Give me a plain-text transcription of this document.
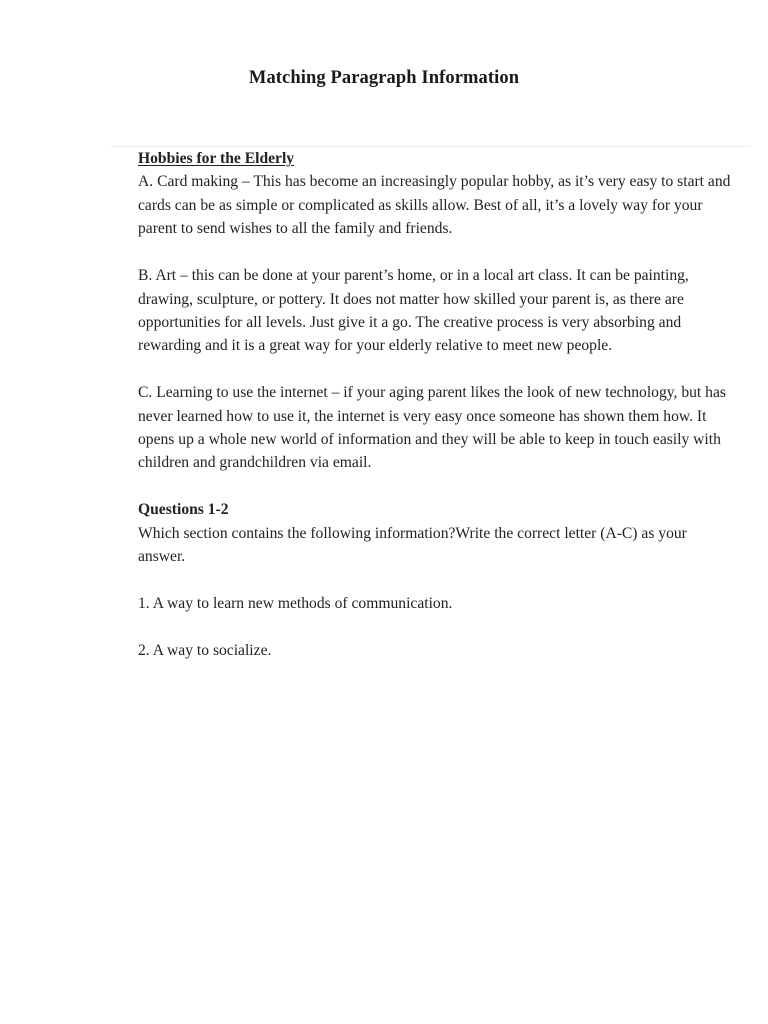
Matching Paragraph Information

Hobbies for the Elderly

A. Card making – This has become an increasingly popular hobby, as it’s very easy to start and cards can be as simple or complicated as skills allow. Best of all, it’s a lovely way for your parent to send wishes to all the family and friends.

B. Art – this can be done at your parent’s home, or in a local art class. It can be painting, drawing, sculpture, or pottery. It does not matter how skilled your parent is, as there are opportunities for all levels. Just give it a go. The creative process is very absorbing and rewarding and it is a great way for your elderly relative to meet new people.

C. Learning to use the internet – if your aging parent likes the look of new technology, but has never learned how to use it, the internet is very easy once someone has shown them how. It opens up a whole new world of information and they will be able to keep in touch easily with children and grandchildren via email.

Questions 1-2

Which section contains the following information?Write the correct letter (A-C) as your answer.

1. A way to learn new methods of communication.

2. A way to socialize.
